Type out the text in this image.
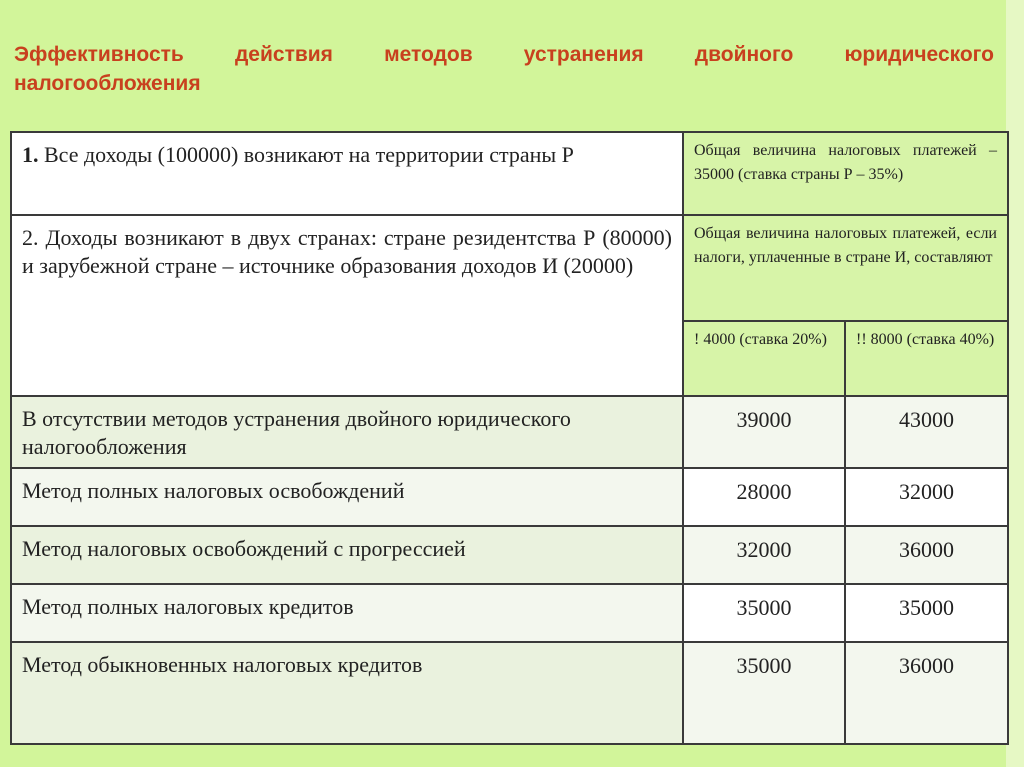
Эффективность действия методов устранения двойного юридического
налогообложения
1. Все доходы (100000) возникают на территории страны Р	Общая величина налоговых платежей – 35000 (ставка страны Р – 35%)	
2. Доходы возникают в двух странах: стране резидентства Р (80000) и зарубежной стране – источнике образования доходов И (20000)	Общая величина налоговых платежей, если налоги, уплаченные в стране И, составляют	
	! 4000 (ставка 20%)	!! 8000 (ставка 40%)
В отсутствии методов устранения двойного юридического налогообложения	39000	43000
Метод полных налоговых освобождений	28000	32000
Метод налоговых освобождений с прогрессией	32000	36000
Метод полных налоговых кредитов	35000	35000
Метод обыкновенных налоговых кредитов	35000	36000
